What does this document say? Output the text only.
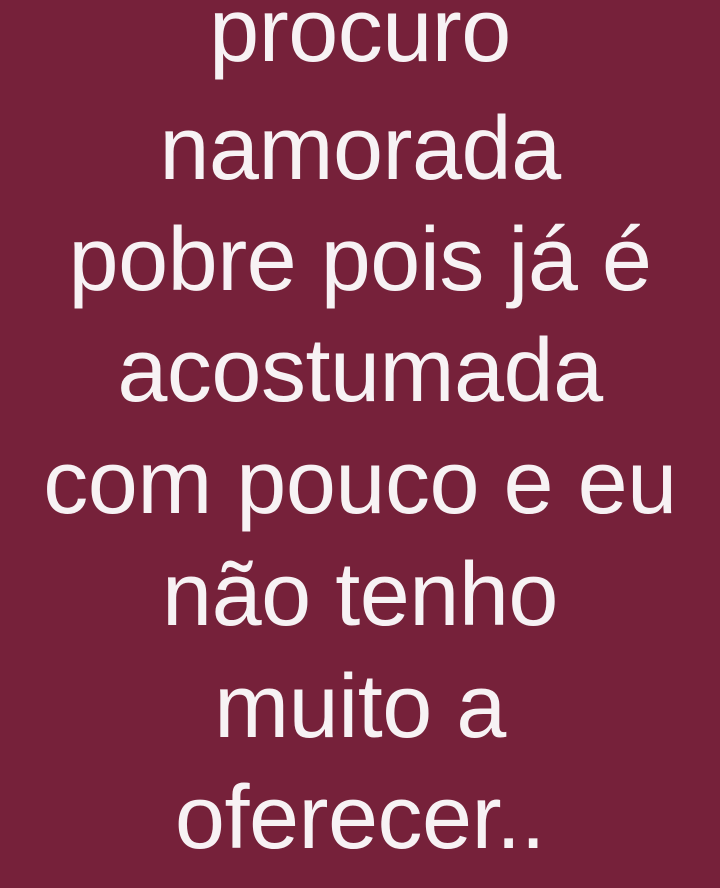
procuro
namorada
pobre pois já é
acostumada
com pouco e eu
não tenho
muito a
oferecer..
